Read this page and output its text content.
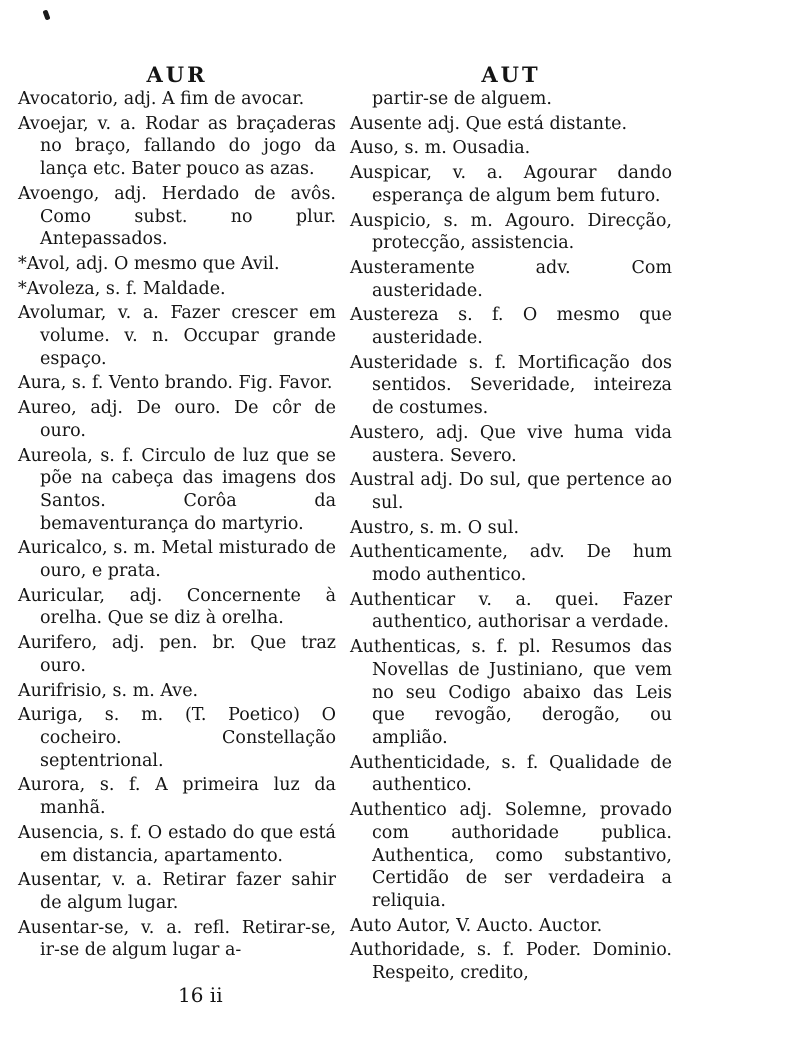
AUR

Avocatorio, adj. A fim de avocar.

Avoejar, v. a. Rodar as braçaderas no braço, fallando do jogo da lança etc. Bater pouco as azas.

Avoengo, adj. Herdado de avôs. Como subst. no plur. Antepassados.

*Avol, adj. O mesmo que Avil.

*Avoleza, s. f. Maldade.

Avolumar, v. a. Fazer crescer em volume. v. n. Occupar grande espaço.

Aura, s. f. Vento brando. Fig. Favor.

Aureo, adj. De ouro. De côr de ouro.

Aureola, s. f. Circulo de luz que se põe na cabeça das imagens dos Santos. Corôa da bemaventurança do martyrio.

Auricalco, s. m. Metal misturado de ouro, e prata.

Auricular, adj. Concernente à orelha. Que se diz à orelha.

Aurifero, adj. pen. br. Que traz ouro.

Aurifrisio, s. m. Ave.

Auriga, s. m. (T. Poetico) O cocheiro. Constellação septentrional.

Aurora, s. f. A primeira luz da manhã.

Ausencia, s. f. O estado do que está em distancia, apartamento.

Ausentar, v. a. Retirar fazer sahir de algum lugar.

Ausentar-se, v. a. refl. Retirar-se, ir-se de algum lugar a-

AUT

partir-se de alguem.

Ausente adj. Que está distante.

Auso, s. m. Ousadia.

Auspicar, v. a. Agourar dando esperança de algum bem futuro.

Auspicio, s. m. Agouro. Direcção, protecção, assistencia.

Austeramente adv. Com austeridade.

Austereza s. f. O mesmo que austeridade.

Austeridade s. f. Mortificação dos sentidos. Severidade, inteireza de costumes.

Austero, adj. Que vive huma vida austera. Severo.

Austral adj. Do sul, que pertence ao sul.

Austro, s. m. O sul.

Authenticamente, adv. De hum modo authentico.

Authenticar v. a. quei. Fazer authentico, authorisar a verdade.

Authenticas, s. f. pl. Resumos das Novellas de Justiniano, que vem no seu Codigo abaixo das Leis que revogão, derogão, ou amplião.

Authenticidade, s. f. Qualidade de authentico.

Authentico adj. Solemne, provado com authoridade publica. Authentica, como substantivo, Certidão de ser verdadeira a reliquia.

Auto Autor, V. Aucto. Auctor.

Authoridade, s. f. Poder. Dominio. Respeito, credito,

16 ii
